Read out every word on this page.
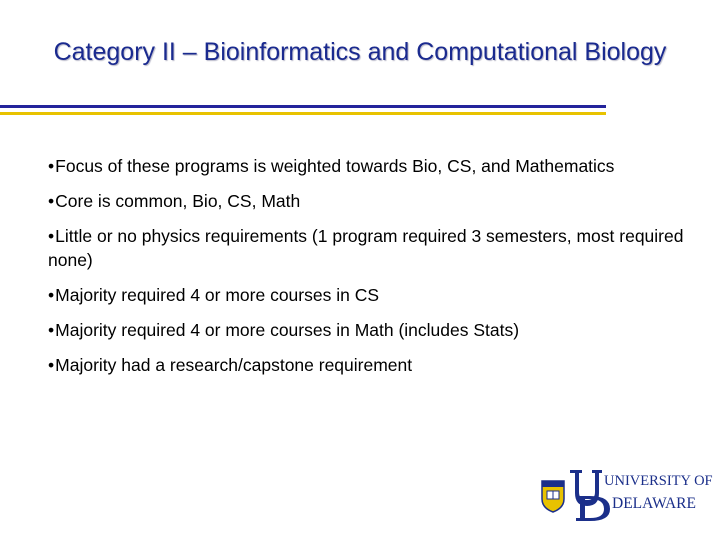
Category II – Bioinformatics and Computational Biology
•Focus of these programs is weighted towards Bio, CS, and Mathematics
•Core is common, Bio, CS, Math
•Little or no physics requirements (1 program required 3 semesters, most required none)
•Majority required 4 or more courses in CS
•Majority required 4 or more courses in Math (includes Stats)
•Majority had a research/capstone requirement
UNIVERSITY OF
DELAWARE
